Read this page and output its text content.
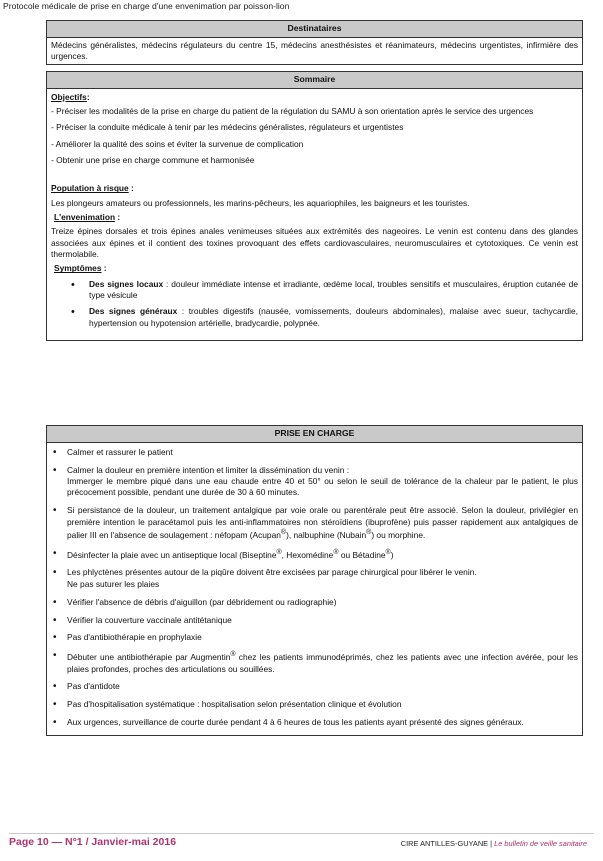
Protocole médicale de prise en charge d'une envenimation par poisson-lion
Destinataires
Médecins généralistes, médecins régulateurs du centre 15, médecins anesthésistes et réanimateurs, médecins urgentistes, infirmière des urgences.
Sommaire

Objectifs:

- Préciser les modalités de la prise en charge du patient de la régulation du SAMU à son orientation après le service des urgences

- Préciser la conduite médicale à tenir par les médecins généralistes, régulateurs et urgentistes

- Améliorer la qualité des soins et éviter la survenue de complication

- Obtenir une prise en charge commune et harmonisée

Population à risque :

Les plongeurs amateurs ou professionnels, les marins-pêcheurs, les aquariophiles, les baigneurs et les touristes.

L'envenimation :

Treize épines dorsales et trois épines anales venimeuses situées aux extrémités des nageoires. Le venin est contenu dans des glandes associées aux épines et il contient des toxines provoquant des effets cardiovasculaires, neuromusculaires et cytotoxiques. Ce venin est thermolabile.

Symptômes :

• Des signes locaux : douleur immédiate intense et irradiante, œdème local, troubles sensitifs et musculaires, éruption cutanée de type vésicule
• Des signes généraux : troubles digestifs (nausée, vomissements, douleurs abdominales), malaise avec sueur, tachycardie, hypertension ou hypotension artérielle, bradycardie, polypnée.
PRISE EN CHARGE

• Calmer et rassurer le patient
• Calmer la douleur en première intention et limiter la dissémination du venin :
Immerger le membre piqué dans une eau chaude entre 40 et 50° ou selon le seuil de tolérance de la chaleur par le patient, le plus précocement possible, pendant une durée de 30 à 60 minutes.
• Si persistance de la douleur, un traitement antalgique par voie orale ou parentérale peut être associé. Selon la douleur, privilégier en première intention le paracétamol puis les anti-inflammatoires non stéroïdiens (ibuprofène) puis passer rapidement aux antalgiques de palier III en l'absence de soulagement : néfopam (Acupan®), nalbuphine (Nubain®) ou morphine.
• Désinfecter la plaie avec un antiseptique local (Biseptine®, Hexomédine® ou Bétadine®)
• Les phlyctènes présentes autour de la piqûre doivent être excisées par parage chirurgical pour libérer le venin.
Ne pas suturer les plaies
• Vérifier l'absence de débris d'aiguillon (par débridement ou radiographie)
• Vérifier la couverture vaccinale antitétanique
• Pas d'antibiothérapie en prophylaxie
• Débuter une antibiothérapie par Augmentin® chez les patients immunodéprimés, chez les patients avec une infection avérée, pour les plaies profondes, proches des articulations ou souillées.
• Pas d'antidote
• Pas d'hospitalisation systématique : hospitalisation selon présentation clinique et évolution
• Aux urgences, surveillance de courte durée pendant 4 à 6 heures de tous les patients ayant présenté des signes généraux.
Page 10 — N°1 / Janvier-mai 2016	CIRE ANTILLES-GUYANE | Le bulletin de veille sanitaire
